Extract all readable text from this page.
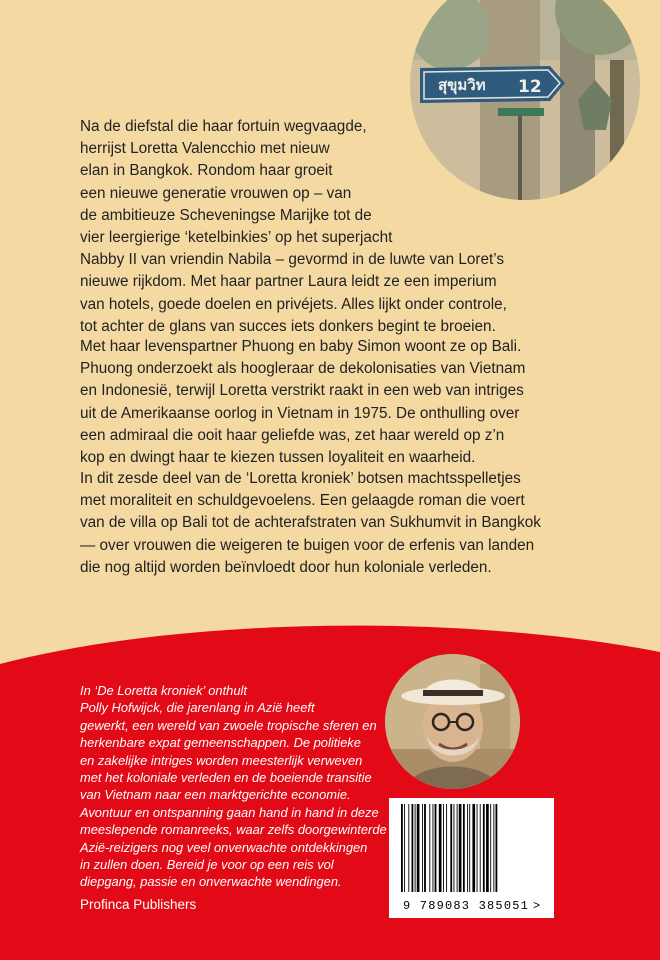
สุขุมวิท 12

Na de diefstal die haar fortuin wegvaagde,
herrijst Loretta Valencchio met nieuw
elan in Bangkok. Rondom haar groeit
een nieuwe generatie vrouwen op – van
de ambitieuze Scheveningse Marijke tot de
vier leergierige ‘ketelbinkies’ op het superjacht
Nabby II van vriendin Nabila – gevormd in de luwte van Loret’s
nieuwe rijkdom. Met haar partner Laura leidt ze een imperium
van hotels, goede doelen en privéjets. Alles lijkt onder controle,
tot achter de glans van succes iets donkers begint te broeien.

Met haar levenspartner Phuong en baby Simon woont ze op Bali.
Phuong onderzoekt als hoogleraar de dekolonisaties van Vietnam
en Indonesië, terwijl Loretta verstrikt raakt in een web van intriges
uit de Amerikaanse oorlog in Vietnam in 1975. De onthulling over
een admiraal die ooit haar geliefde was, zet haar wereld op z’n
kop en dwingt haar te kiezen tussen loyaliteit en waarheid.

In dit zesde deel van de ‘Loretta kroniek’ botsen machtsspelletjes
met moraliteit en schuldgevoelens. Een gelaagde roman die voert
van de villa op Bali tot de achterafstraten van Sukhumvit in Bangkok
— over vrouwen die weigeren te buigen voor de erfenis van landen
die nog altijd worden beïnvloedt door hun koloniale verleden.

In ‘De Loretta kroniek’ onthult
Polly Hofwijck, die jarenlang in Azië heeft
gewerkt, een wereld van zwoele tropische sferen en
herkenbare expat gemeenschappen. De politieke
en zakelijke intriges worden meesterlijk verweven
met het koloniale verleden en de boeiende transitie
van Vietnam naar een marktgerichte economie.
Avontuur en ontspanning gaan hand in hand in deze
meeslepende romanreeks, waar zelfs doorgewinterde
Azië-reizigers nog veel onverwachte ontdekkingen
in zullen doen. Bereid je voor op een reis vol
diepgang, passie en onverwachte wendingen.

Profinca Publishers	9 789083 385051 >
